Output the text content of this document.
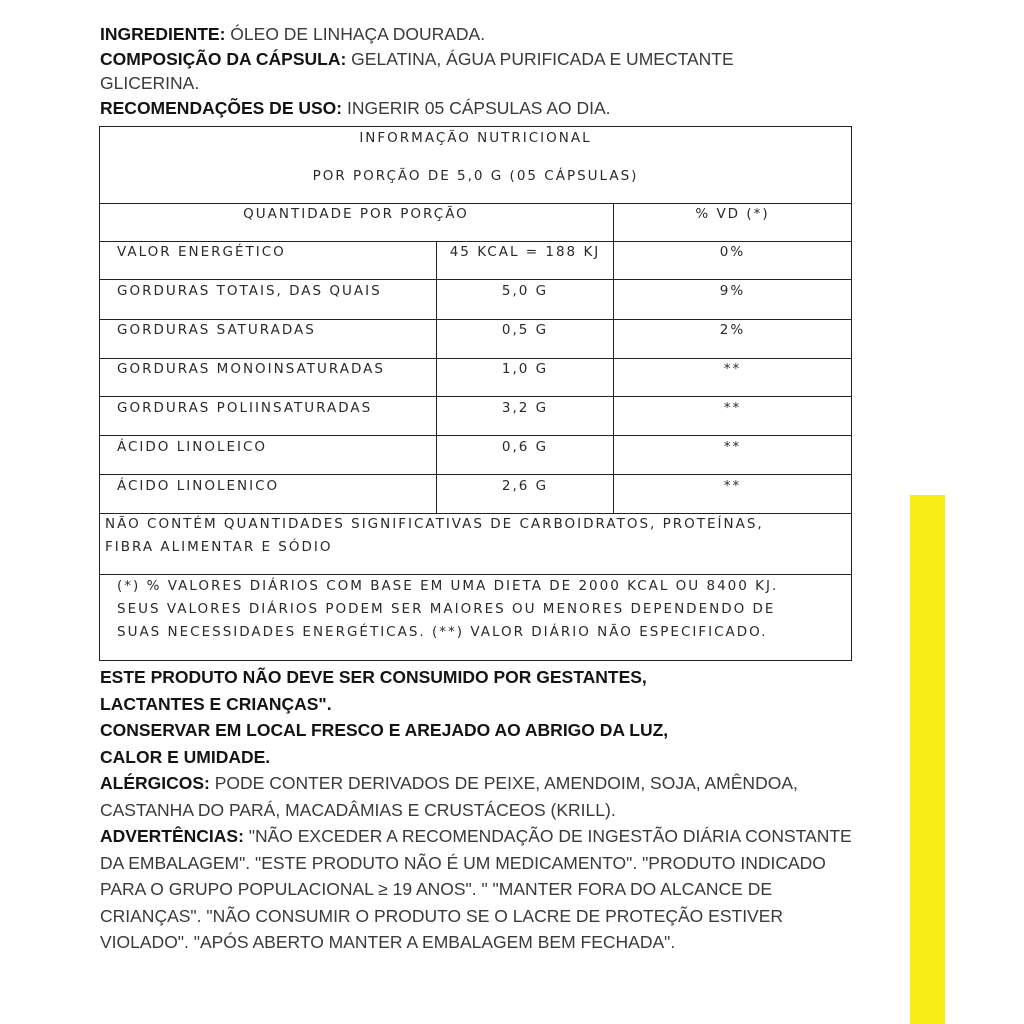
INGREDIENTE: ÓLEO DE LINHAÇA DOURADA.

COMPOSIÇÃO DA CÁPSULA: GELATINA, ÁGUA PURIFICADA E UMECTANTE GLICERINA.

RECOMENDAÇÕES DE USO: INGERIR 05 CÁPSULAS AO DIA.

INFORMAÇÃO NUTRICIONAL
POR PORÇÃO DE 5,0 G (05 CÁPSULAS)
QUANTIDADE POR PORÇÃO	% VD (*)
VALOR ENERGÉTICO	45 KCAL = 188 KJ	0%
GORDURAS TOTAIS, DAS QUAIS	5,0 G	9%
GORDURAS SATURADAS	0,5 G	2%
GORDURAS MONOINSATURADAS	1,0 G	**
GORDURAS POLIINSATURADAS	3,2 G	**
ÁCIDO LINOLEICO	0,6 G	**
ÁCIDO LINOLENICO	2,6 G	**
NÃO CONTÉM QUANTIDADES SIGNIFICATIVAS DE CARBOIDRATOS, PROTEÍNAS,
FIBRA ALIMENTAR E SÓDIO
(*) % VALORES DIÁRIOS COM BASE EM UMA DIETA DE 2000 KCAL OU 8400 KJ.
SEUS VALORES DIÁRIOS PODEM SER MAIORES OU MENORES DEPENDENDO DE
SUAS NECESSIDADES ENERGÉTICAS. (**) VALOR DIÁRIO NÃO ESPECIFICADO.

ESTE PRODUTO NÃO DEVE SER CONSUMIDO POR GESTANTES,

LACTANTES E CRIANÇAS".

CONSERVAR EM LOCAL FRESCO E AREJADO AO ABRIGO DA LUZ,

CALOR E UMIDADE.

ALÉRGICOS: PODE CONTER DERIVADOS DE PEIXE, AMENDOIM, SOJA, AMÊNDOA, CASTANHA DO PARÁ, MACADÂMIAS E CRUSTÁCEOS (KRILL).

ADVERTÊNCIAS: "NÃO EXCEDER A RECOMENDAÇÃO DE INGESTÃO DIÁRIA CONSTANTE DA EMBALAGEM". "ESTE PRODUTO NÃO É UM MEDICAMENTO". "PRODUTO INDICADO PARA O GRUPO POPULACIONAL ≥ 19 ANOS". " "MANTER FORA DO ALCANCE DE CRIANÇAS". "NÃO CONSUMIR O PRODUTO SE O LACRE DE PROTEÇÃO ESTIVER VIOLADO". "APÓS ABERTO MANTER A EMBALAGEM BEM FECHADA".
